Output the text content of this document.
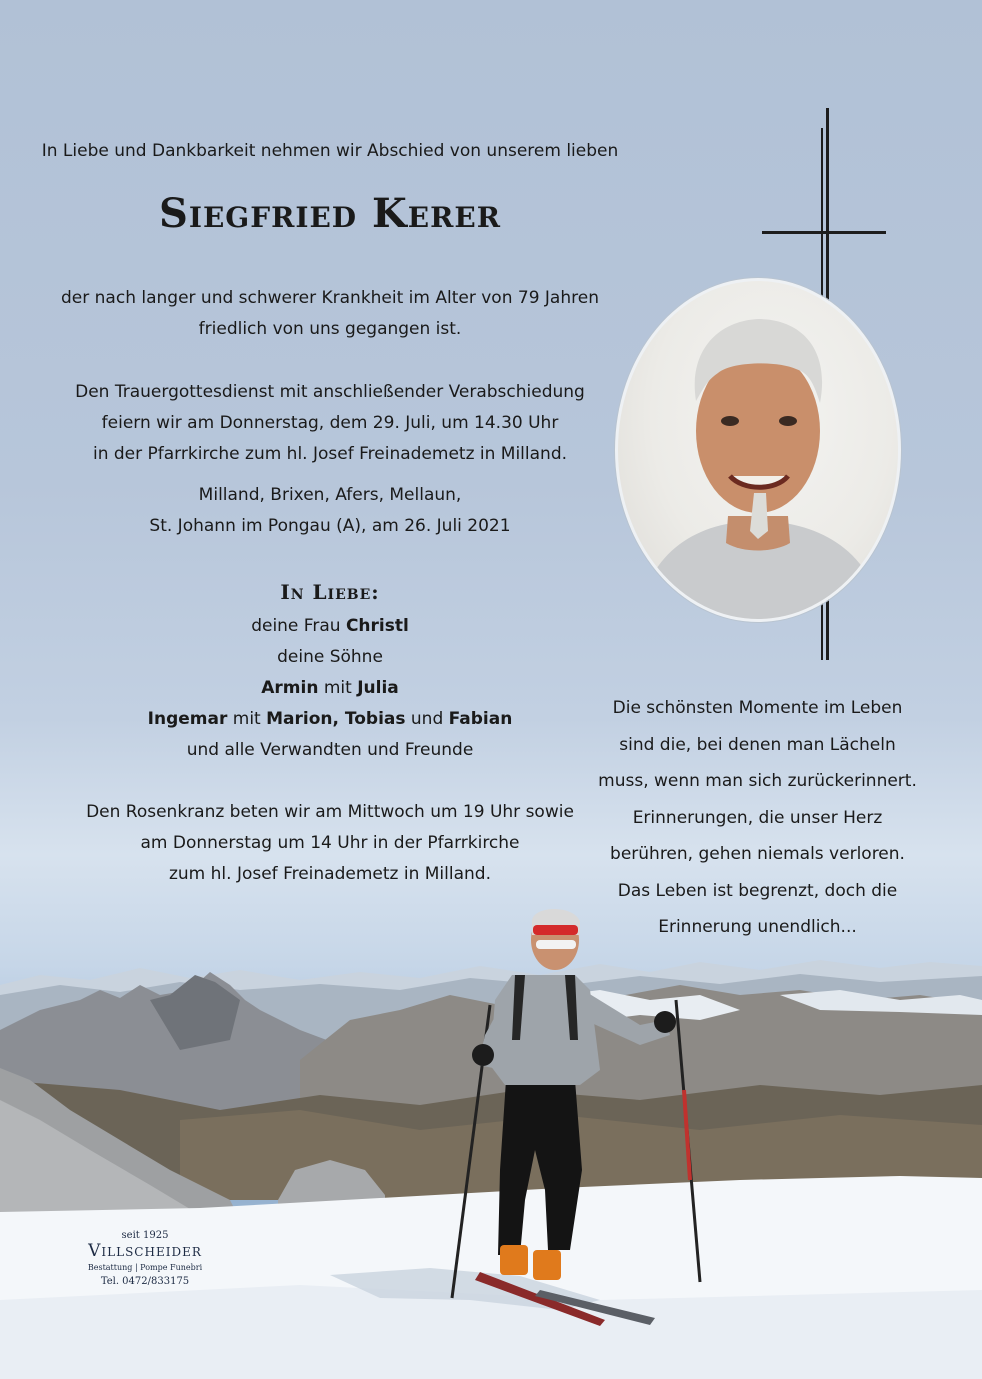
In Liebe und Dankbarkeit nehmen wir Abschied von unserem lieben
Siegfried Kerer
der nach langer und schwerer Krankheit im Alter von 79 Jahren
friedlich von uns gegangen ist.
Den Trauergottesdienst mit anschließender Verabschiedung
feiern wir am Donnerstag, dem 29. Juli, um 14.30 Uhr
in der Pfarrkirche zum hl. Josef Freinademetz in Milland.
Milland, Brixen, Afers, Mellaun,
St. Johann im Pongau (A), am 26. Juli 2021
In Liebe:
deine Frau Christl
deine Söhne
Armin mit Julia
Ingemar mit Marion, Tobias und Fabian
und alle Verwandten und Freunde
Den Rosenkranz beten wir am Mittwoch um 19 Uhr sowie
am Donnerstag um 14 Uhr in der Pfarrkirche
zum hl. Josef Freinademetz in Milland.
Die schönsten Momente im Leben
sind die, bei denen man Lächeln
muss, wenn man sich zurückerinnert.
Erinnerungen, die unser Herz
berühren, gehen niemals verloren.
Das Leben ist begrenzt, doch die
Erinnerung unendlich...
seit 1925
Villscheider
Bestattung | Pompe Funebri
Tel. 0472/833175
